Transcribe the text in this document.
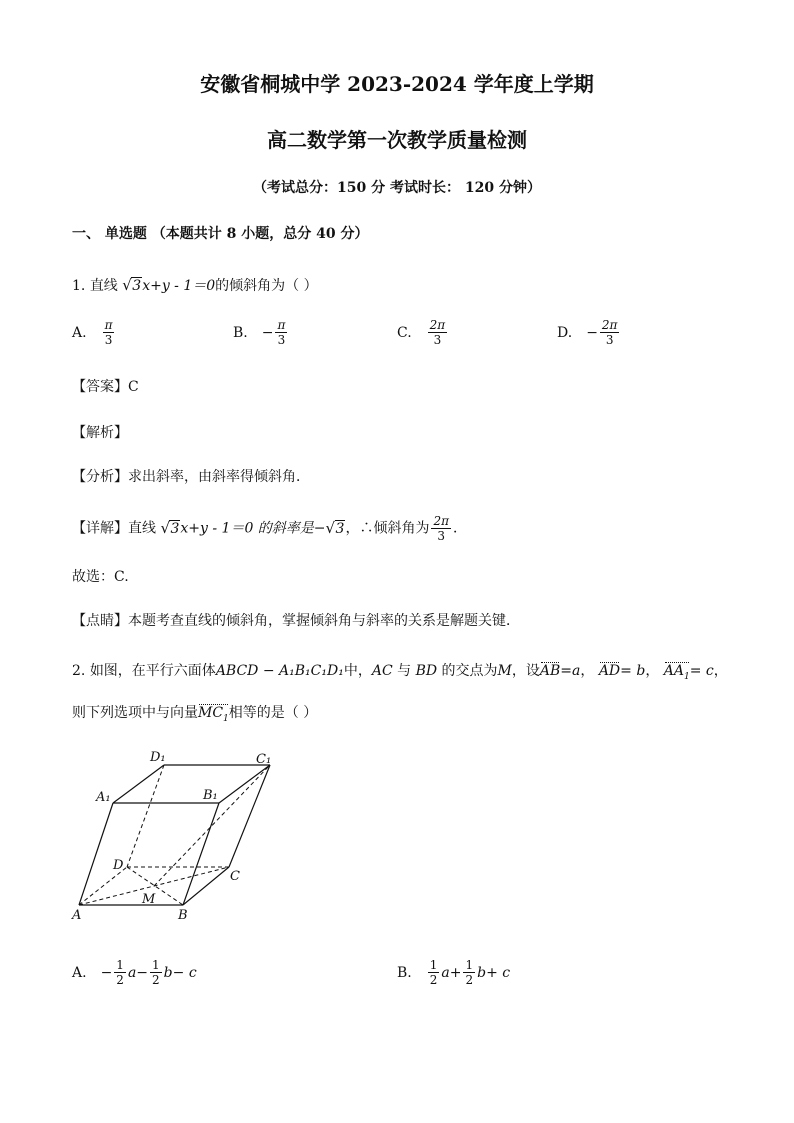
安徽省桐城中学 2023-2024 学年度上学期
高二数学第一次教学质量检测
（考试总分：150 分 考试时长： 120 分钟）
一、 单选题 （本题共计 8 小题，总分 40 分）
1. 直线 √ 3x+y - 1＝0的倾斜角为（ ）
A. $\frac{\pi}{3}$	B. − $\frac{\pi}{3}$	C. $\frac{2\pi}{3}$	D. − $\frac{2\pi}{3}$
【答案】C
【解析】
【分析】求出斜率，由斜率得倾斜角．
【详解】直线 √ 3x+y - 1＝0 的斜率是− √ 3，∴倾斜角为 $\frac{2\pi}{3}$ ．
故选：C.
【点睛】本题考查直线的倾斜角，掌握倾斜角与斜率的关系是解题关键．
2. 如图，在平行六面体ABCD − A₁B₁C₁D₁中，AC 与 BD 的交点为M，设AB=a， AD= b， $AA_1= c$，
则下列选项中与向量$MC_1$相等的是（ ）
D₁	C₁
A₁	B₁
D
C
M
A	B
A. − $\frac{1}{2}$ $a - \frac{1}{2}$ b − c	B. $\frac{1}{2}$ $a + \frac{1}{2}$ b + c
